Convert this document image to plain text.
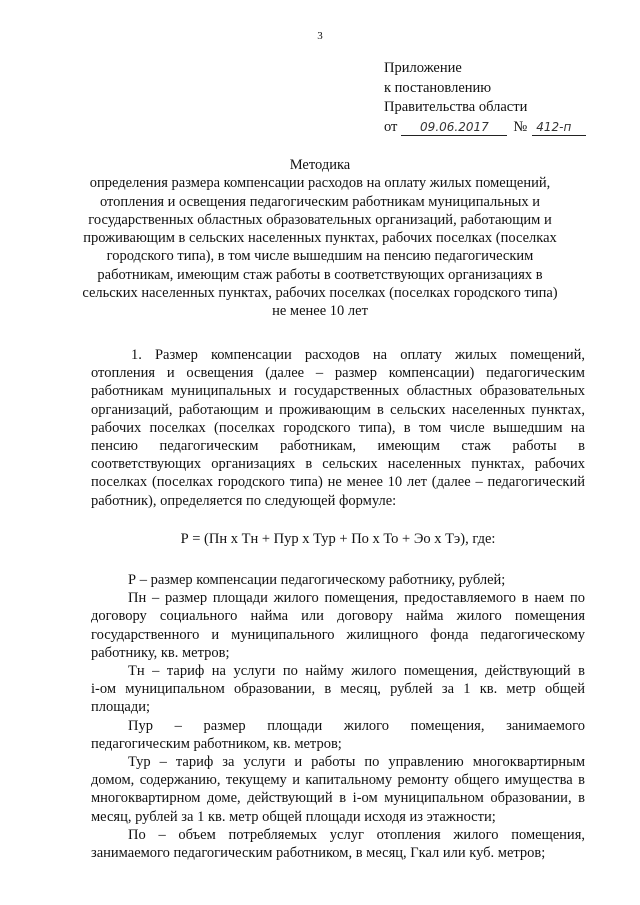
3
Приложение
к постановлению
Правительства области
от 09.06.2017 № 412-п
Методика
определения размера компенсации расходов на оплату жилых помещений,
отопления и освещения педагогическим работникам муниципальных и
государственных областных образовательных организаций, работающим и
проживающим в сельских населенных пунктах, рабочих поселках (поселках
городского типа), в том числе вышедшим на пенсию педагогическим
работникам, имеющим стаж работы в соответствующих организациях в
сельских населенных пунктах, рабочих поселках (поселках городского типа)
не менее 10 лет

1. Размер компенсации расходов на оплату жилых помещений,
отопления и освещения (далее – размер компенсации) педагогическим
работникам муниципальных и государственных областных образовательных
организаций, работающим и проживающим в сельских населенных пунктах,
рабочих поселках (поселках городского типа), в том числе вышедшим на
пенсию педагогическим работникам, имеющим стаж работы в
соответствующих организациях в сельских населенных пунктах, рабочих
поселках (поселках городского типа) не менее 10 лет (далее – педагогический
работник), определяется по следующей формуле:

Р = (Пн х Тн + Пур х Тур + По х То + Эо х Тэ), где:

Р – размер компенсации педагогическому работнику, рублей;

Пн – размер площади жилого помещения, предоставляемого в наем по
договору социального найма или договору найма жилого помещения
государственного и муниципального жилищного фонда педагогическому
работнику, кв. метров;

Тн – тариф на услуги по найму жилого помещения, действующий в
i-ом муниципальном образовании, в месяц, рублей за 1 кв. метр общей
площади;

Пур – размер площади жилого помещения, занимаемого
педагогическим работником, кв. метров;

Тур – тариф за услуги и работы по управлению многоквартирным
домом, содержанию, текущему и капитальному ремонту общего имущества в
многоквартирном доме, действующий в i-ом муниципальном образовании, в
месяц, рублей за 1 кв. метр общей площади исходя из этажности;

По – объем потребляемых услуг отопления жилого помещения,
занимаемого педагогическим работником, в месяц, Гкал или куб. метров;
